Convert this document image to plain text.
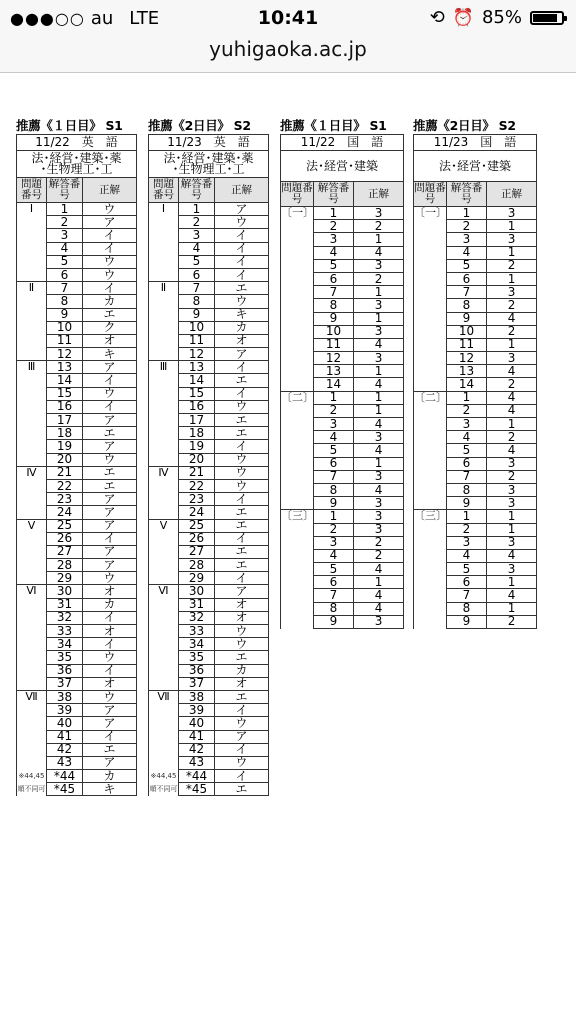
●●●○○ au LTE	10:41	⟲ ⏰ 85%
yuhigaoka.ac.jp
推薦《１日目》 S1
11/22　英　語		

法･経営･建築･薬
･生物理工･工		

問題番号	解答番号	正解
Ⅰ	1	ウ
	2	ア
	3	イ
	4	イ
	5	ウ
	6	ウ
Ⅱ	7	イ
	8	カ
	9	エ
	10	ク
	11	オ
	12	キ
Ⅲ	13	ア
	14	イ
	15	ウ
	16	イ
	17	ア
	18	エ
	19	ア
	20	ウ
Ⅳ	21	エ
	22	エ
	23	ア
	24	ア
Ⅴ	25	ア
	26	イ
	27	ア
	28	ア
	29	ウ
Ⅵ	30	オ
	31	カ
	32	イ
	33	オ
	34	イ
	35	ウ
	36	イ
	37	オ
Ⅶ	38	ウ
	39	ア
	40	ア
	41	イ
	42	エ
	43	ア
※44,45	*44	カ
順不同可	*45	キ
推薦《2日目》 S2
11/23　英　語		

法･経営･建築･薬
･生物理工･工		

問題番号	解答番号	正解
Ⅰ	1	ア
	2	ウ
	3	イ
	4	イ
	5	イ
	6	イ
Ⅱ	7	エ
	8	ウ
	9	キ
	10	カ
	11	オ
	12	ア
Ⅲ	13	イ
	14	エ
	15	イ
	16	ウ
	17	エ
	18	エ
	19	イ
	20	ウ
Ⅳ	21	ウ
	22	ウ
	23	イ
	24	エ
Ⅴ	25	エ
	26	イ
	27	エ
	28	エ
	29	イ
Ⅵ	30	ア
	31	オ
	32	オ
	33	ウ
	34	ウ
	35	エ
	36	カ
	37	オ
Ⅶ	38	エ
	39	イ
	40	ウ
	41	ア
	42	イ
	43	ウ
※44,45	*44	イ
順不同可	*45	エ
推薦《１日目》 S1
11/22　国　語		

法･経営･建築		

問題番号	解答番号	正解
〔一〕	1	3
	2	2
	3	1
	4	4
	5	3
	6	2
	7	1
	8	3
	9	1
	10	3
	11	4
	12	3
	13	1
	14	4
〔二〕	1	1
	2	1
	3	4
	4	3
	5	4
	6	1
	7	3
	8	4
	9	3
〔三〕	1	3
	2	3
	3	2
	4	2
	5	4
	6	1
	7	4
	8	4
	9	3
推薦《2日目》 S2
11/23　国　語		

法･経営･建築		

問題番号	解答番号	正解
〔一〕	1	3
	2	1
	3	3
	4	1
	5	2
	6	1
	7	3
	8	2
	9	4
	10	2
	11	1
	12	3
	13	4
	14	2
〔二〕	1	4
	2	4
	3	1
	4	2
	5	4
	6	3
	7	2
	8	3
	9	3
〔三〕	1	1
	2	1
	3	3
	4	4
	5	3
	6	1
	7	4
	8	1
	9	2
